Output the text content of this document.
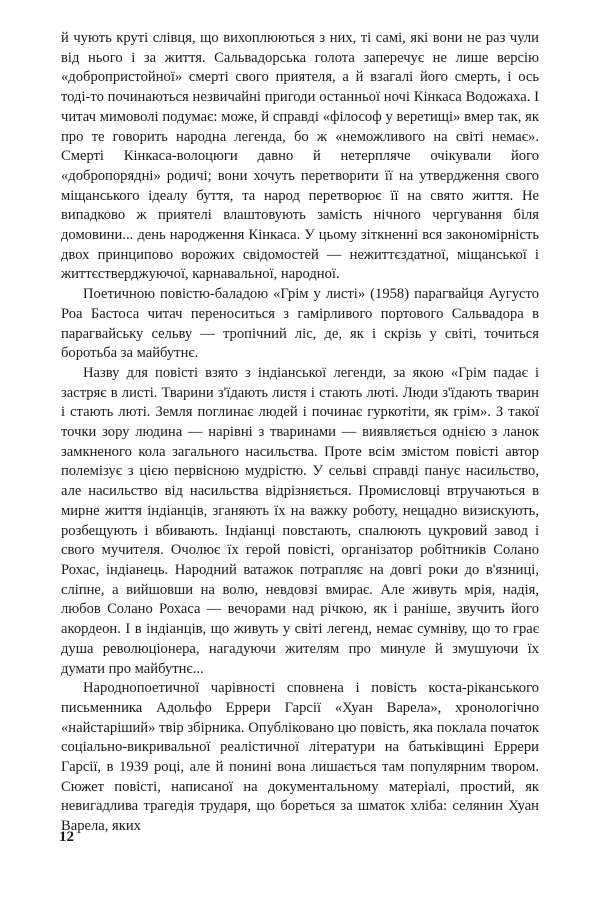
й чують круті слівця, що вихоплюються з них, ті самі, які вони не раз чули від нього і за життя. Сальвадорська голота заперечує не лише версію «добропристойної» смерті свого приятеля, а й взагалі його смерть, і ось тоді-то починаються незвичайні пригоди останньої ночі Кінкаса Водожаха. І читач мимоволі подумає: може, й справді «філософ у веретищі» вмер так, як про те говорить народна легенда, бо ж «неможливого на світі немає». Смерті Кінкаса-волоцюги давно й нетерпляче очікували його «добропорядні» родичі; вони хочуть перетворити її на утвердження свого міщанського ідеалу буття, та народ перетворює її на свято життя. Не випадково ж приятелі влаштовують замість нічного чергування біля домовини... день народження Кінкаса. У цьому зіткненні вся закономірність двох принципово ворожих свідомостей — нежиттєздатної, міщанської і життєстверджуючої, карнавальної, народної.

Поетичною повістю-баладою «Грім у листі» (1958) парагвайця Аугусто Роа Бастоса читач переноситься з гамірливого портового Сальвадора в парагвайську сельву — тропічний ліс, де, як і скрізь у світі, точиться боротьба за майбутнє.

Назву для повісті взято з індіанської легенди, за якою «Грім падає і застряє в листі. Тварини з'їдають листя і стають люті. Люди з'їдають тварин і стають люті. Земля поглинає людей і починає гуркотіти, як грім». З такої точки зору людина — нарівні з тваринами — виявляється однією з ланок замкненого кола загального насильства. Проте всім змістом повісті автор полемізує з цією первісною мудрістю. У сельві справді панує насильство, але насильство від насильства відрізняється. Промисловці втручаються в мирне життя індіанців, зганяють їх на важку роботу, нещадно визискують, розбещують і вбивають. Індіанці повстають, спалюють цукровий завод і свого мучителя. Очолює їх герой повісті, організатор робітників Солано Рохас, індіанець. Народний ватажок потрапляє на довгі роки до в'язниці, сліпне, а вийшовши на волю, невдовзі вмирає. Але живуть мрія, надія, любов Солано Рохаса — вечорами над річкою, як і раніше, звучить його акордеон. І в індіанців, що живуть у світі легенд, немає сумніву, що то грає душа революціонера, нагадуючи жителям про минуле й змушуючи їх думати про майбутнє...

Народнопоетичної чарівності сповнена і повість коста-ріканського письменника Адольфо Еррери Гарсії «Хуан Варела», хронологічно «найстаріший» твір збірника. Опубліковано цю повість, яка поклала початок соціально-викривальної реалістичної літератури на батьківщині Еррери Гарсії, в 1939 році, але й понині вона лишається там популярним твором. Сюжет повісті, написаної на документальному матеріалі, простий, як невигадлива трагедія трударя, що бореться за шматок хліба: селянин Хуан Варела, яких

12
